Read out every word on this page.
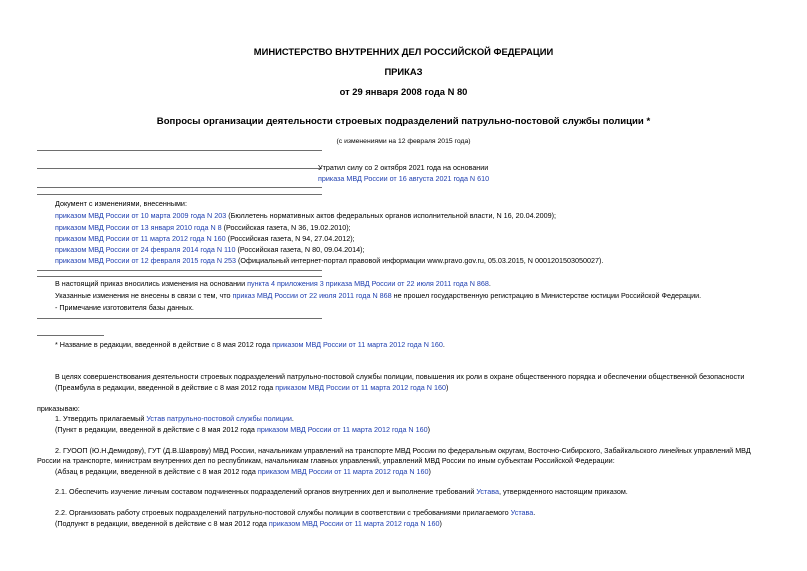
МИНИСТЕРСТВО ВНУТРЕННИХ ДЕЛ РОССИЙСКОЙ ФЕДЕРАЦИИ
ПРИКАЗ
от 29 января 2008 года N 80
Вопросы организации деятельности строевых подразделений патрульно-постовой службы полиции *
(с изменениями на 12 февраля 2015 года)
Утратил силу со 2 октября 2021 года на основании
приказа МВД России от 16 августа 2021 года N 610
Документ с изменениями, внесенными:
приказом МВД России от 10 марта 2009 года N 203 (Бюллетень нормативных актов федеральных органов исполнительной власти, N 16, 20.04.2009);
приказом МВД России от 13 января 2010 года N 8 (Российская газета, N 36, 19.02.2010);
приказом МВД России от 11 марта 2012 года N 160 (Российская газета, N 94, 27.04.2012);
приказом МВД России от 24 февраля 2014 года N 110 (Российская газета, N 80, 09.04.2014);
приказом МВД России от 12 февраля 2015 года N 253 (Официальный интернет-портал правовой информации www.pravo.gov.ru, 05.03.2015, N 0001201503050027).
В настоящий приказ вносились изменения на основании пункта 4 приложения 3 приказа МВД России от 22 июля 2011 года N 868.
Указанные изменения не внесены в связи с тем, что приказ МВД России от 22 июля 2011 года N 868 не прошел государственную регистрацию в Министерстве юстиции Российской Федерации.
- Примечание изготовителя базы данных.
* Название в редакции, введенной в действие с 8 мая 2012 года приказом МВД России от 11 марта 2012 года N 160.
В целях совершенствования деятельности строевых подразделений патрульно-постовой службы полиции, повышения их роли в охране общественного порядка и обеспечении общественной безопасности
(Преамбула в редакции, введенной в действие с 8 мая 2012 года приказом МВД России от 11 марта 2012 года N 160)
приказываю:
1. Утвердить прилагаемый Устав патрульно-постовой службы полиции.
(Пункт в редакции, введенной в действие с 8 мая 2012 года приказом МВД России от 11 марта 2012 года N 160)
2. ГУООП (Ю.Н.Демидову), ГУТ (Д.В.Шаврову) МВД России, начальникам управлений на транспорте МВД России по федеральным округам, Восточно-Сибирского, Забайкальского линейных управлений МВД
России на транспорте, министрам внутренних дел по республикам, начальникам главных управлений, управлений МВД России по иным субъектам Российской Федерации:
(Абзац в редакции, введенной в действие с 8 мая 2012 года приказом МВД России от 11 марта 2012 года N 160)
2.1. Обеспечить изучение личным составом подчиненных подразделений органов внутренних дел и выполнение требований Устава, утвержденного настоящим приказом.
2.2. Организовать работу строевых подразделений патрульно-постовой службы полиции в соответствии с требованиями прилагаемого Устава.
(Подпункт в редакции, введенной в действие с 8 мая 2012 года приказом МВД России от 11 марта 2012 года N 160)
